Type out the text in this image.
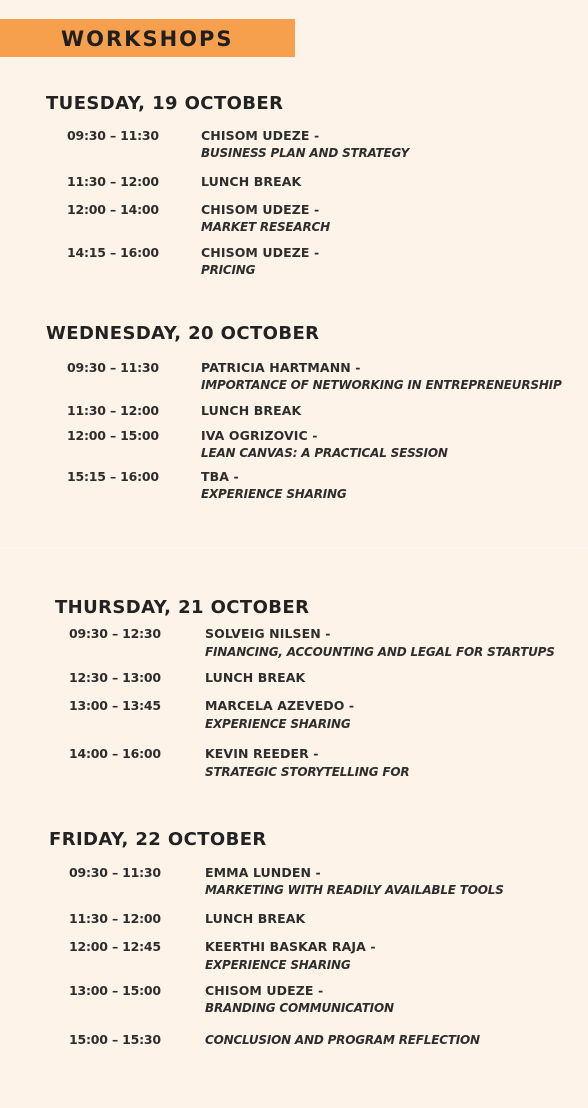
WORKSHOPS
TUESDAY, 19 OCTOBER
09:30 – 11:30	CHISOM UDEZE -
BUSINESS PLAN AND STRATEGY
11:30 – 12:00	LUNCH BREAK
12:00 – 14:00	CHISOM UDEZE -
MARKET RESEARCH
14:15 – 16:00	CHISOM UDEZE -
PRICING
WEDNESDAY, 20 OCTOBER
09:30 – 11:30	PATRICIA HARTMANN -
IMPORTANCE OF NETWORKING IN ENTREPRENEURSHIP
11:30 – 12:00	LUNCH BREAK
12:00 – 15:00	IVA OGRIZOVIC -
LEAN CANVAS: A PRACTICAL SESSION
15:15 – 16:00	TBA -
EXPERIENCE SHARING
THURSDAY, 21 OCTOBER
09:30 – 12:30	SOLVEIG NILSEN -
FINANCING, ACCOUNTING AND LEGAL FOR STARTUPS
12:30 – 13:00	LUNCH BREAK
13:00 – 13:45	MARCELA AZEVEDO -
EXPERIENCE SHARING
14:00 – 16:00	KEVIN REEDER -
STRATEGIC STORYTELLING FOR
FRIDAY, 22 OCTOBER
09:30 – 11:30	EMMA LUNDEN -
MARKETING WITH READILY AVAILABLE TOOLS
11:30 – 12:00	LUNCH BREAK
12:00 – 12:45	KEERTHI BASKAR RAJA -
EXPERIENCE SHARING
13:00 – 15:00	CHISOM UDEZE -
BRANDING COMMUNICATION
15:00 – 15:30	CONCLUSION AND PROGRAM REFLECTION
